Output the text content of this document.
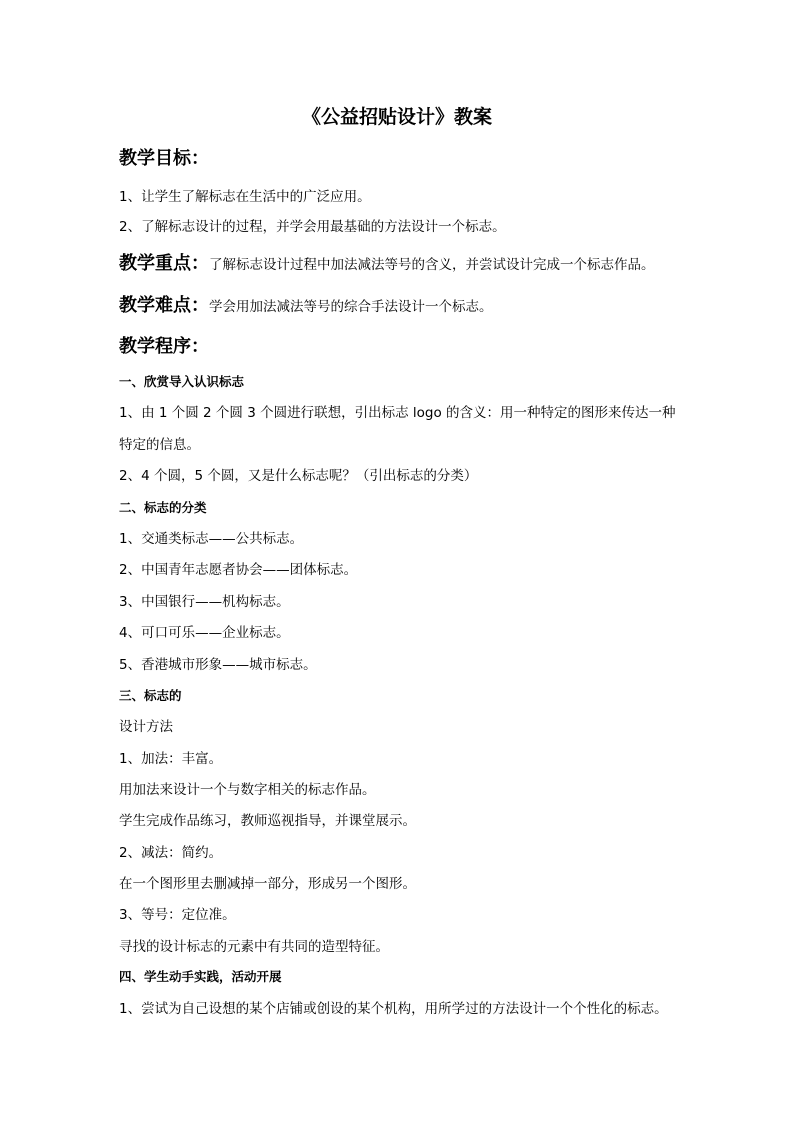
《公益招贴设计》教案
教学目标：
1、让学生了解标志在生活中的广泛应用。
2、了解标志设计的过程，并学会用最基础的方法设计一个标志。
教学重点：了解标志设计过程中加法减法等号的含义，并尝试设计完成一个标志作品。
教学难点：学会用加法减法等号的综合手法设计一个标志。
教学程序：
一、欣赏导入认识标志
1、由 1 个圆 2 个圆 3 个圆进行联想，引出标志 logo 的含义：用一种特定的图形来传达一种
特定的信息。
2、4 个圆，5 个圆，又是什么标志呢？（引出标志的分类）
二、标志的分类
1、交通类标志——公共标志。
2、中国青年志愿者协会——团体标志。
3、中国银行——机构标志。
4、可口可乐——企业标志。
5、香港城市形象——城市标志。
三、标志的
设计方法
1、加法：丰富。
用加法来设计一个与数字相关的标志作品。
学生完成作品练习，教师巡视指导，并课堂展示。
2、减法：简约。
在一个图形里去删减掉一部分，形成另一个图形。
3、等号：定位准。
寻找的设计标志的元素中有共同的造型特征。
四、学生动手实践，活动开展
1、尝试为自己设想的某个店铺或创设的某个机构，用所学过的方法设计一个个性化的标志。
